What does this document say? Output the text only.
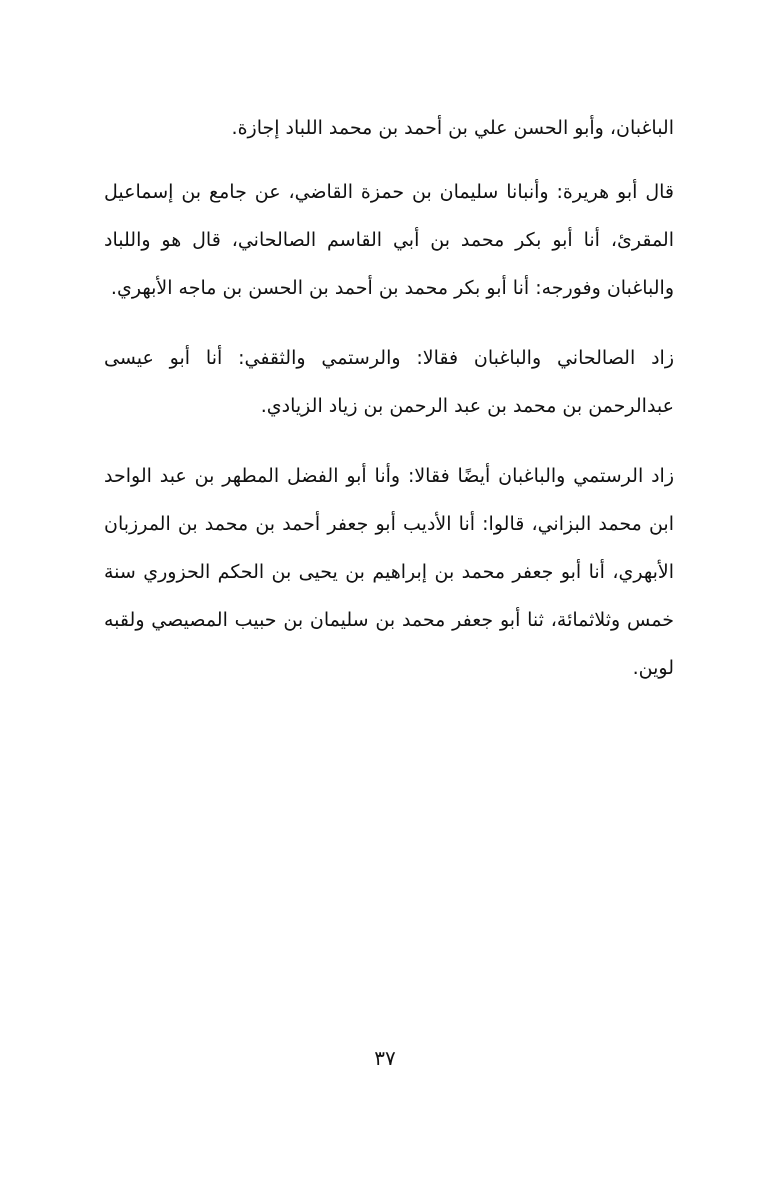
الباغبان، وأبو الحسن علي بن أحمد بن محمد اللباد إجازة.

قال أبو هريرة: وأنبانا سليمان بن حمزة القاضي، عن جامع بن إسماعيل المقرئ، أنا أبو بكر محمد بن أبي القاسم الصالحاني، قال هو واللباد والباغبان وفورجه: أنا أبو بكر محمد بن أحمد بن الحسن بن ماجه الأبهري.

زاد الصالحاني والباغبان فقالا: والرستمي والثقفي: أنا أبو عيسى عبدالرحمن بن محمد بن عبد الرحمن بن زياد الزيادي.

زاد الرستمي والباغبان أيضًا فقالا: وأنا أبو الفضل المطهر بن عبد الواحد ابن محمد البزاني، قالوا: أنا الأديب أبو جعفر أحمد بن محمد بن المرزبان الأبهري، أنا أبو جعفر محمد بن إبراهيم بن يحيى بن الحكم الحزوري سنة خمس وثلاثمائة، ثنا أبو جعفر محمد بن سليمان بن حبيب المصيصي ولقبه لوين.

٣٧
